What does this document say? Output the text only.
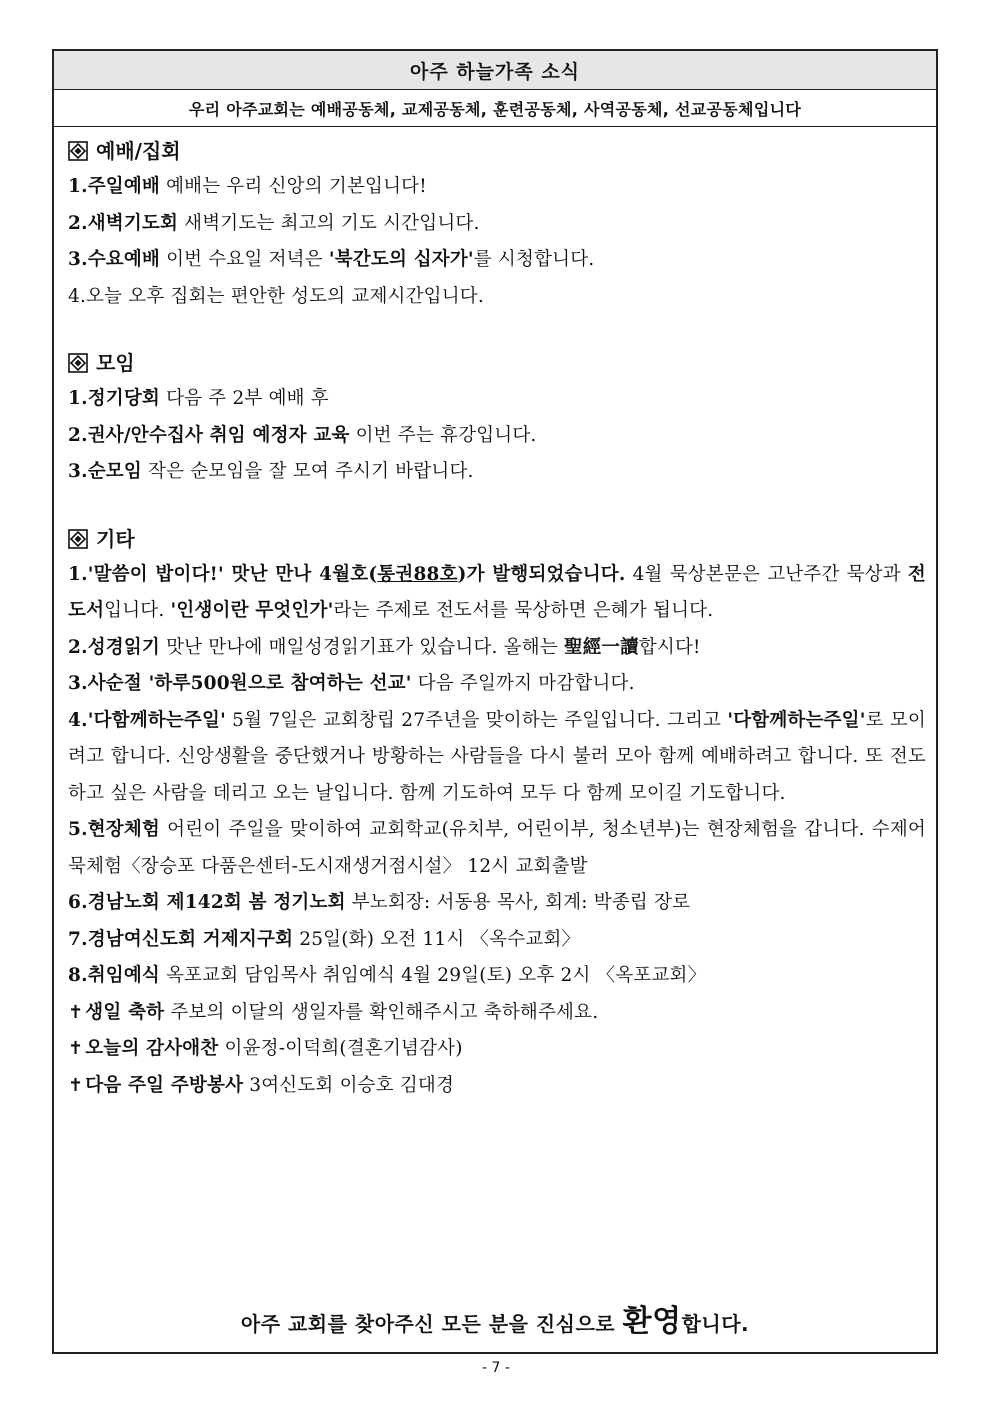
아주 하늘가족 소식
우리 아주교회는 예배공동체, 교제공동체, 훈련공동체, 사역공동체, 선교공동체입니다
예배/집회
1.주일예배 예배는 우리 신앙의 기본입니다!
2.새벽기도회 새벽기도는 최고의 기도 시간입니다.
3.수요예배 이번 수요일 저녁은 '북간도의 십자가'를 시청합니다.
4.오늘 오후 집회는 편안한 성도의 교제시간입니다.
모임
1.정기당회 다음 주 2부 예배 후
2.권사/안수집사 취임 예정자 교육 이번 주는 휴강입니다.
3.순모임 작은 순모임을 잘 모여 주시기 바랍니다.
기타
1.'말씀이 밥이다!' 맛난 만나 4월호(통권88호)가 발행되었습니다. 4월 묵상본문은 고난주간 묵상과 전도서입니다. '인생이란 무엇인가'라는 주제로 전도서를 묵상하면 은혜가 됩니다.
2.성경읽기 맛난 만나에 매일성경읽기표가 있습니다. 올해는 聖經一讀합시다!
3.사순절 '하루500원으로 참여하는 선교' 다음 주일까지 마감합니다.
4.'다함께하는주일' 5월 7일은 교회창립 27주년을 맞이하는 주일입니다. 그리고 '다함께하는주일'로 모이려고 합니다. 신앙생활을 중단했거나 방황하는 사람들을 다시 불러 모아 함께 예배하려고 합니다. 또 전도하고 싶은 사람을 데리고 오는 날입니다. 함께 기도하여 모두 다 함께 모이길 기도합니다.
5.현장체험 어린이 주일을 맞이하여 교회학교(유치부, 어린이부, 청소년부)는 현장체험을 갑니다. 수제어묵체험〈장승포 다품은센터-도시재생거점시설〉 12시 교회출발
6.경남노회 제142회 봄 정기노회 부노회장: 서동용 목사, 회계: 박종립 장로
7.경남여신도회 거제지구회 25일(화) 오전 11시 〈옥수교회〉
8.취임예식 옥포교회 담임목사 취임예식 4월 29일(토) 오후 2시 〈옥포교회〉
✝ 생일 축하 주보의 이달의 생일자를 확인해주시고 축하해주세요.
✝ 오늘의 감사애찬 이윤정-이덕희(결혼기념감사)
✝ 다음 주일 주방봉사 3여신도회 이승호 김대경
아주 교회를 찾아주신 모든 분을 진심으로 환영합니다.
- 7 -
